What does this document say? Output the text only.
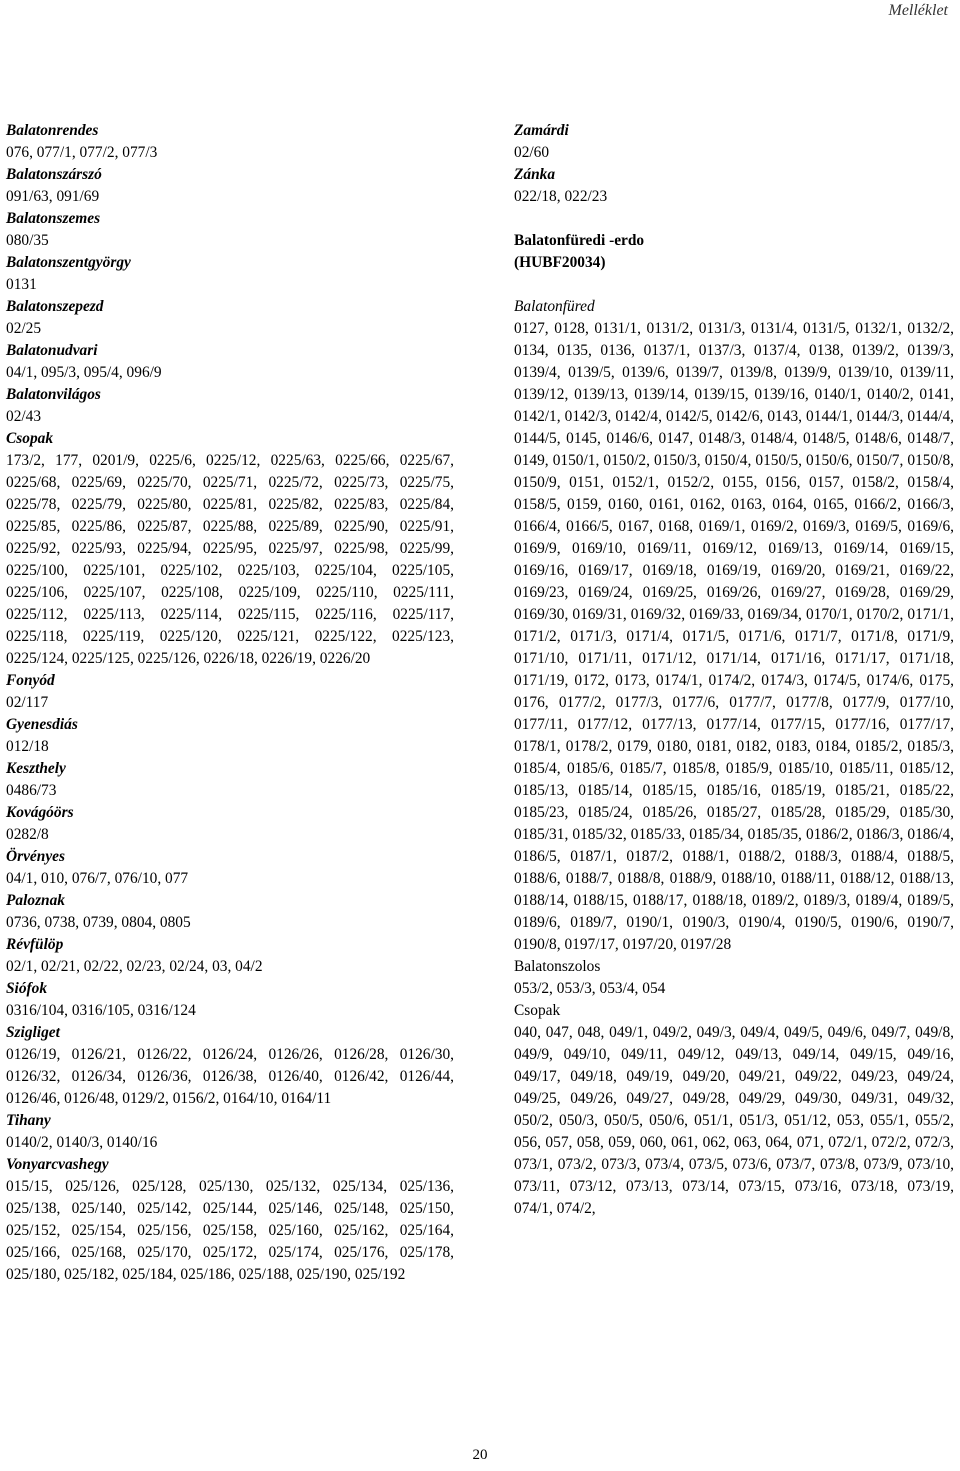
Melléklet
Balatonrendes

076, 077/1, 077/2, 077/3

Balatonszárszó

091/63, 091/69

Balatonszemes

080/35

Balatonszentgyörgy

0131

Balatonszepezd

02/25

Balatonudvari

04/1, 095/3, 095/4, 096/9

Balatonvilágos

02/43

Csopak

173/2, 177, 0201/9, 0225/6, 0225/12, 0225/63, 0225/66, 0225/67, 0225/68, 0225/69, 0225/70, 0225/71, 0225/72, 0225/73, 0225/75, 0225/78, 0225/79, 0225/80, 0225/81, 0225/82, 0225/83, 0225/84, 0225/85, 0225/86, 0225/87, 0225/88, 0225/89, 0225/90, 0225/91, 0225/92, 0225/93, 0225/94, 0225/95, 0225/97, 0225/98, 0225/99, 0225/100, 0225/101, 0225/102, 0225/103, 0225/104, 0225/105, 0225/106, 0225/107, 0225/108, 0225/109, 0225/110, 0225/111, 0225/112, 0225/113, 0225/114, 0225/115, 0225/116, 0225/117, 0225/118, 0225/119, 0225/120, 0225/121, 0225/122, 0225/123, 0225/124, 0225/125, 0225/126, 0226/18, 0226/19, 0226/20

Fonyód

02/117

Gyenesdiás

012/18

Keszthely

0486/73

Kovágóörs

0282/8

Örvényes

04/1, 010, 076/7, 076/10, 077

Paloznak

0736, 0738, 0739, 0804, 0805

Révfülöp

02/1, 02/21, 02/22, 02/23, 02/24, 03, 04/2

Siófok

0316/104, 0316/105, 0316/124

Szigliget

0126/19, 0126/21, 0126/22, 0126/24, 0126/26, 0126/28, 0126/30, 0126/32, 0126/34, 0126/36, 0126/38, 0126/40, 0126/42, 0126/44, 0126/46, 0126/48, 0129/2, 0156/2, 0164/10, 0164/11

Tihany

0140/2, 0140/3, 0140/16

Vonyarcvashegy

015/15, 025/126, 025/128, 025/130, 025/132, 025/134, 025/136, 025/138, 025/140, 025/142, 025/144, 025/146, 025/148, 025/150, 025/152, 025/154, 025/156, 025/158, 025/160, 025/162, 025/164, 025/166, 025/168, 025/170, 025/172, 025/174, 025/176, 025/178, 025/180, 025/182, 025/184, 025/186, 025/188, 025/190, 025/192

Zamárdi

02/60

Zánka

022/18, 022/23

Balatonfüredi -erdo
(HUBF20034)
Balatonfüred

0127, 0128, 0131/1, 0131/2, 0131/3, 0131/4, 0131/5, 0132/1, 0132/2, 0134, 0135, 0136, 0137/1, 0137/3, 0137/4, 0138, 0139/2, 0139/3, 0139/4, 0139/5, 0139/6, 0139/7, 0139/8, 0139/9, 0139/10, 0139/11, 0139/12, 0139/13, 0139/14, 0139/15, 0139/16, 0140/1, 0140/2, 0141, 0142/1, 0142/3, 0142/4, 0142/5, 0142/6, 0143, 0144/1, 0144/3, 0144/4, 0144/5, 0145, 0146/6, 0147, 0148/3, 0148/4, 0148/5, 0148/6, 0148/7, 0149, 0150/1, 0150/2, 0150/3, 0150/4, 0150/5, 0150/6, 0150/7, 0150/8, 0150/9, 0151, 0152/1, 0152/2, 0155, 0156, 0157, 0158/2, 0158/4, 0158/5, 0159, 0160, 0161, 0162, 0163, 0164, 0165, 0166/2, 0166/3, 0166/4, 0166/5, 0167, 0168, 0169/1, 0169/2, 0169/3, 0169/5, 0169/6, 0169/9, 0169/10, 0169/11, 0169/12, 0169/13, 0169/14, 0169/15, 0169/16, 0169/17, 0169/18, 0169/19, 0169/20, 0169/21, 0169/22, 0169/23, 0169/24, 0169/25, 0169/26, 0169/27, 0169/28, 0169/29, 0169/30, 0169/31, 0169/32, 0169/33, 0169/34, 0170/1, 0170/2, 0171/1, 0171/2, 0171/3, 0171/4, 0171/5, 0171/6, 0171/7, 0171/8, 0171/9, 0171/10, 0171/11, 0171/12, 0171/14, 0171/16, 0171/17, 0171/18, 0171/19, 0172, 0173, 0174/1, 0174/2, 0174/3, 0174/5, 0174/6, 0175, 0176, 0177/2, 0177/3, 0177/6, 0177/7, 0177/8, 0177/9, 0177/10, 0177/11, 0177/12, 0177/13, 0177/14, 0177/15, 0177/16, 0177/17, 0178/1, 0178/2, 0179, 0180, 0181, 0182, 0183, 0184, 0185/2, 0185/3, 0185/4, 0185/6, 0185/7, 0185/8, 0185/9, 0185/10, 0185/11, 0185/12, 0185/13, 0185/14, 0185/15, 0185/16, 0185/19, 0185/21, 0185/22, 0185/23, 0185/24, 0185/26, 0185/27, 0185/28, 0185/29, 0185/30, 0185/31, 0185/32, 0185/33, 0185/34, 0185/35, 0186/2, 0186/3, 0186/4, 0186/5, 0187/1, 0187/2, 0188/1, 0188/2, 0188/3, 0188/4, 0188/5, 0188/6, 0188/7, 0188/8, 0188/9, 0188/10, 0188/11, 0188/12, 0188/13, 0188/14, 0188/15, 0188/17, 0188/18, 0189/2, 0189/3, 0189/4, 0189/5, 0189/6, 0189/7, 0190/1, 0190/3, 0190/4, 0190/5, 0190/6, 0190/7, 0190/8, 0197/17, 0197/20, 0197/28

Balatonszolos

053/2, 053/3, 053/4, 054

Csopak

040, 047, 048, 049/1, 049/2, 049/3, 049/4, 049/5, 049/6, 049/7, 049/8, 049/9, 049/10, 049/11, 049/12, 049/13, 049/14, 049/15, 049/16, 049/17, 049/18, 049/19, 049/20, 049/21, 049/22, 049/23, 049/24, 049/25, 049/26, 049/27, 049/28, 049/29, 049/30, 049/31, 049/32, 050/2, 050/3, 050/5, 050/6, 051/1, 051/3, 051/12, 053, 055/1, 055/2, 056, 057, 058, 059, 060, 061, 062, 063, 064, 071, 072/1, 072/2, 072/3, 073/1, 073/2, 073/3, 073/4, 073/5, 073/6, 073/7, 073/8, 073/9, 073/10, 073/11, 073/12, 073/13, 073/14, 073/15, 073/16, 073/18, 073/19, 074/1, 074/2,

20
